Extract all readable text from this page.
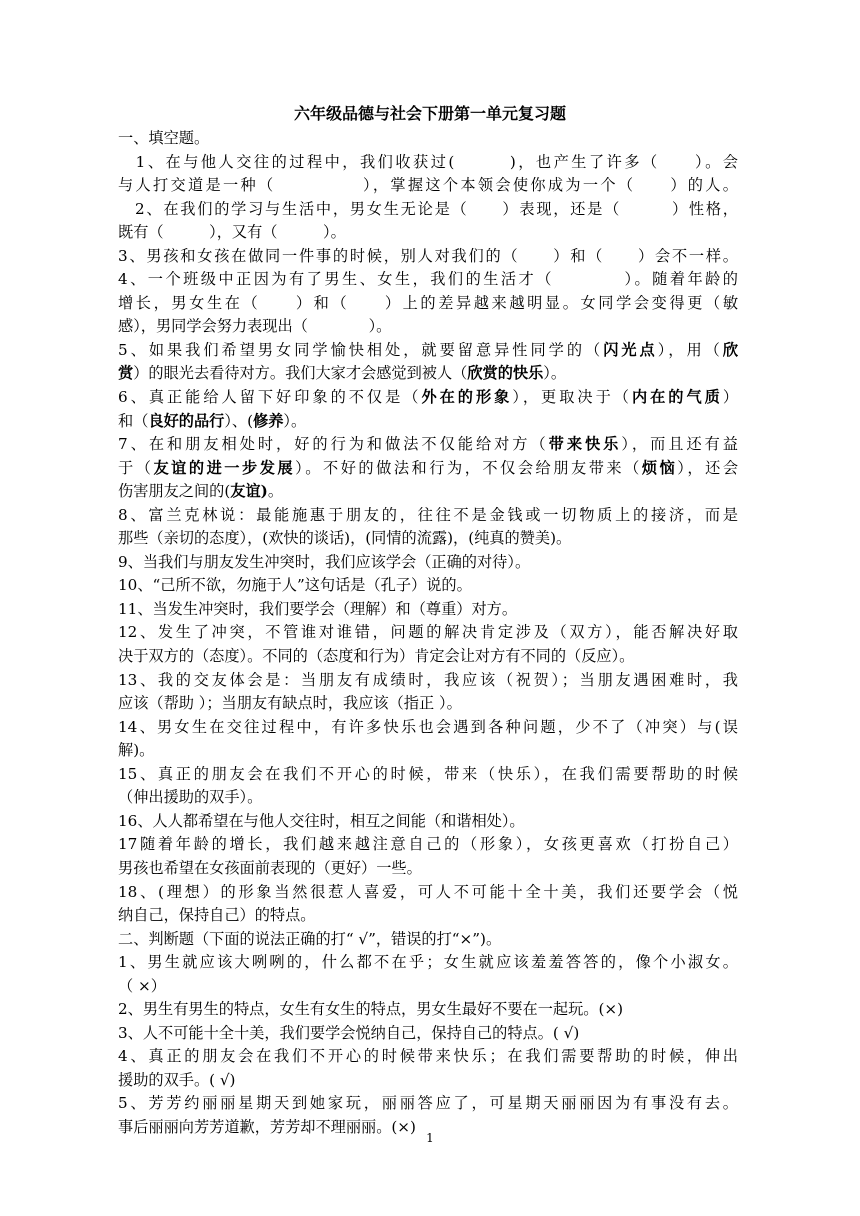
六年级品德与社会下册第一单元复习题
一、填空题。
　1、在与他人交往的过程中，我们收获过(　　　)，也产生了许多（　　）。会
与人打交道是一种（　　　　　），掌握这个本领会使你成为一个（　　）的人。
　2、在我们的学习与生活中，男女生无论是（　　）表现，还是（　　　）性格，
既有（　　　），又有（　　　）。
3、男孩和女孩在做同一件事的时候，别人对我们的（　　）和（　　）会不一样。
4、一个班级中正因为有了男生、女生，我们的生活才（　　　　）。随着年龄的
增长，男女生在（　　）和（　　）上的差异越来越明显。女同学会变得更（敏
感），男同学会努力表现出（　　　　）。
5、如果我们希望男女同学愉快相处，就要留意异性同学的（闪光点），用（欣
赏）的眼光去看待对方。我们大家才会感觉到被人（欣赏的快乐）。
6、真正能给人留下好印象的不仅是（外在的形象），更取决于（内在的气质）
和（良好的品行）、(修养）。
7、在和朋友相处时，好的行为和做法不仅能给对方（带来快乐），而且还有益
于（友谊的进一步发展）。不好的做法和行为，不仅会给朋友带来（烦恼），还会
伤害朋友之间的(友谊)。
8、富兰克林说：最能施惠于朋友的，往往不是金钱或一切物质上的接济，而是
那些（亲切的态度），(欢快的谈话)，(同情的流露)，(纯真的赞美)。
9、当我们与朋友发生冲突时，我们应该学会（正确的对待）。
10、“己所不欲，勿施于人”这句话是（孔子）说的。
11、当发生冲突时，我们要学会（理解）和（尊重）对方。
12、发生了冲突，不管谁对谁错，问题的解决肯定涉及（双方），能否解决好取
决于双方的（态度）。不同的（态度和行为）肯定会让对方有不同的（反应）。
13、我的交友体会是：当朋友有成绩时，我应该（祝贺）；当朋友遇困难时，我
应该（帮助 ）；当朋友有缺点时，我应该（指正 ）。
14、男女生在交往过程中，有许多快乐也会遇到各种问题，少不了（冲突）与(误
解)。
15、真正的朋友会在我们不开心的时候，带来（快乐），在我们需要帮助的时候
（伸出援助的双手）。
16、人人都希望在与他人交往时，相互之间能（和谐相处）。
17随着年龄的增长，我们越来越注意自己的（形象），女孩更喜欢（打扮自己）
男孩也希望在女孩面前表现的（更好）一些。
18、(理想）的形象当然很惹人喜爱，可人不可能十全十美，我们还要学会（悦
纳自己，保持自己）的特点。
二、判断题（下面的说法正确的打“ √”，错误的打“×”)。
1、男生就应该大咧咧的，什么都不在乎；女生就应该羞羞答答的，像个小淑女。
（ ×）
2、男生有男生的特点，女生有女生的特点，男女生最好不要在一起玩。(×)
3、人不可能十全十美，我们要学会悦纳自己，保持自己的特点。( √)
4、真正的朋友会在我们不开心的时候带来快乐；在我们需要帮助的时候，伸出
援助的双手。( √)
5、芳芳约丽丽星期天到她家玩，丽丽答应了，可星期天丽丽因为有事没有去。
事后丽丽向芳芳道歉，芳芳却不理丽丽。(×)
1
